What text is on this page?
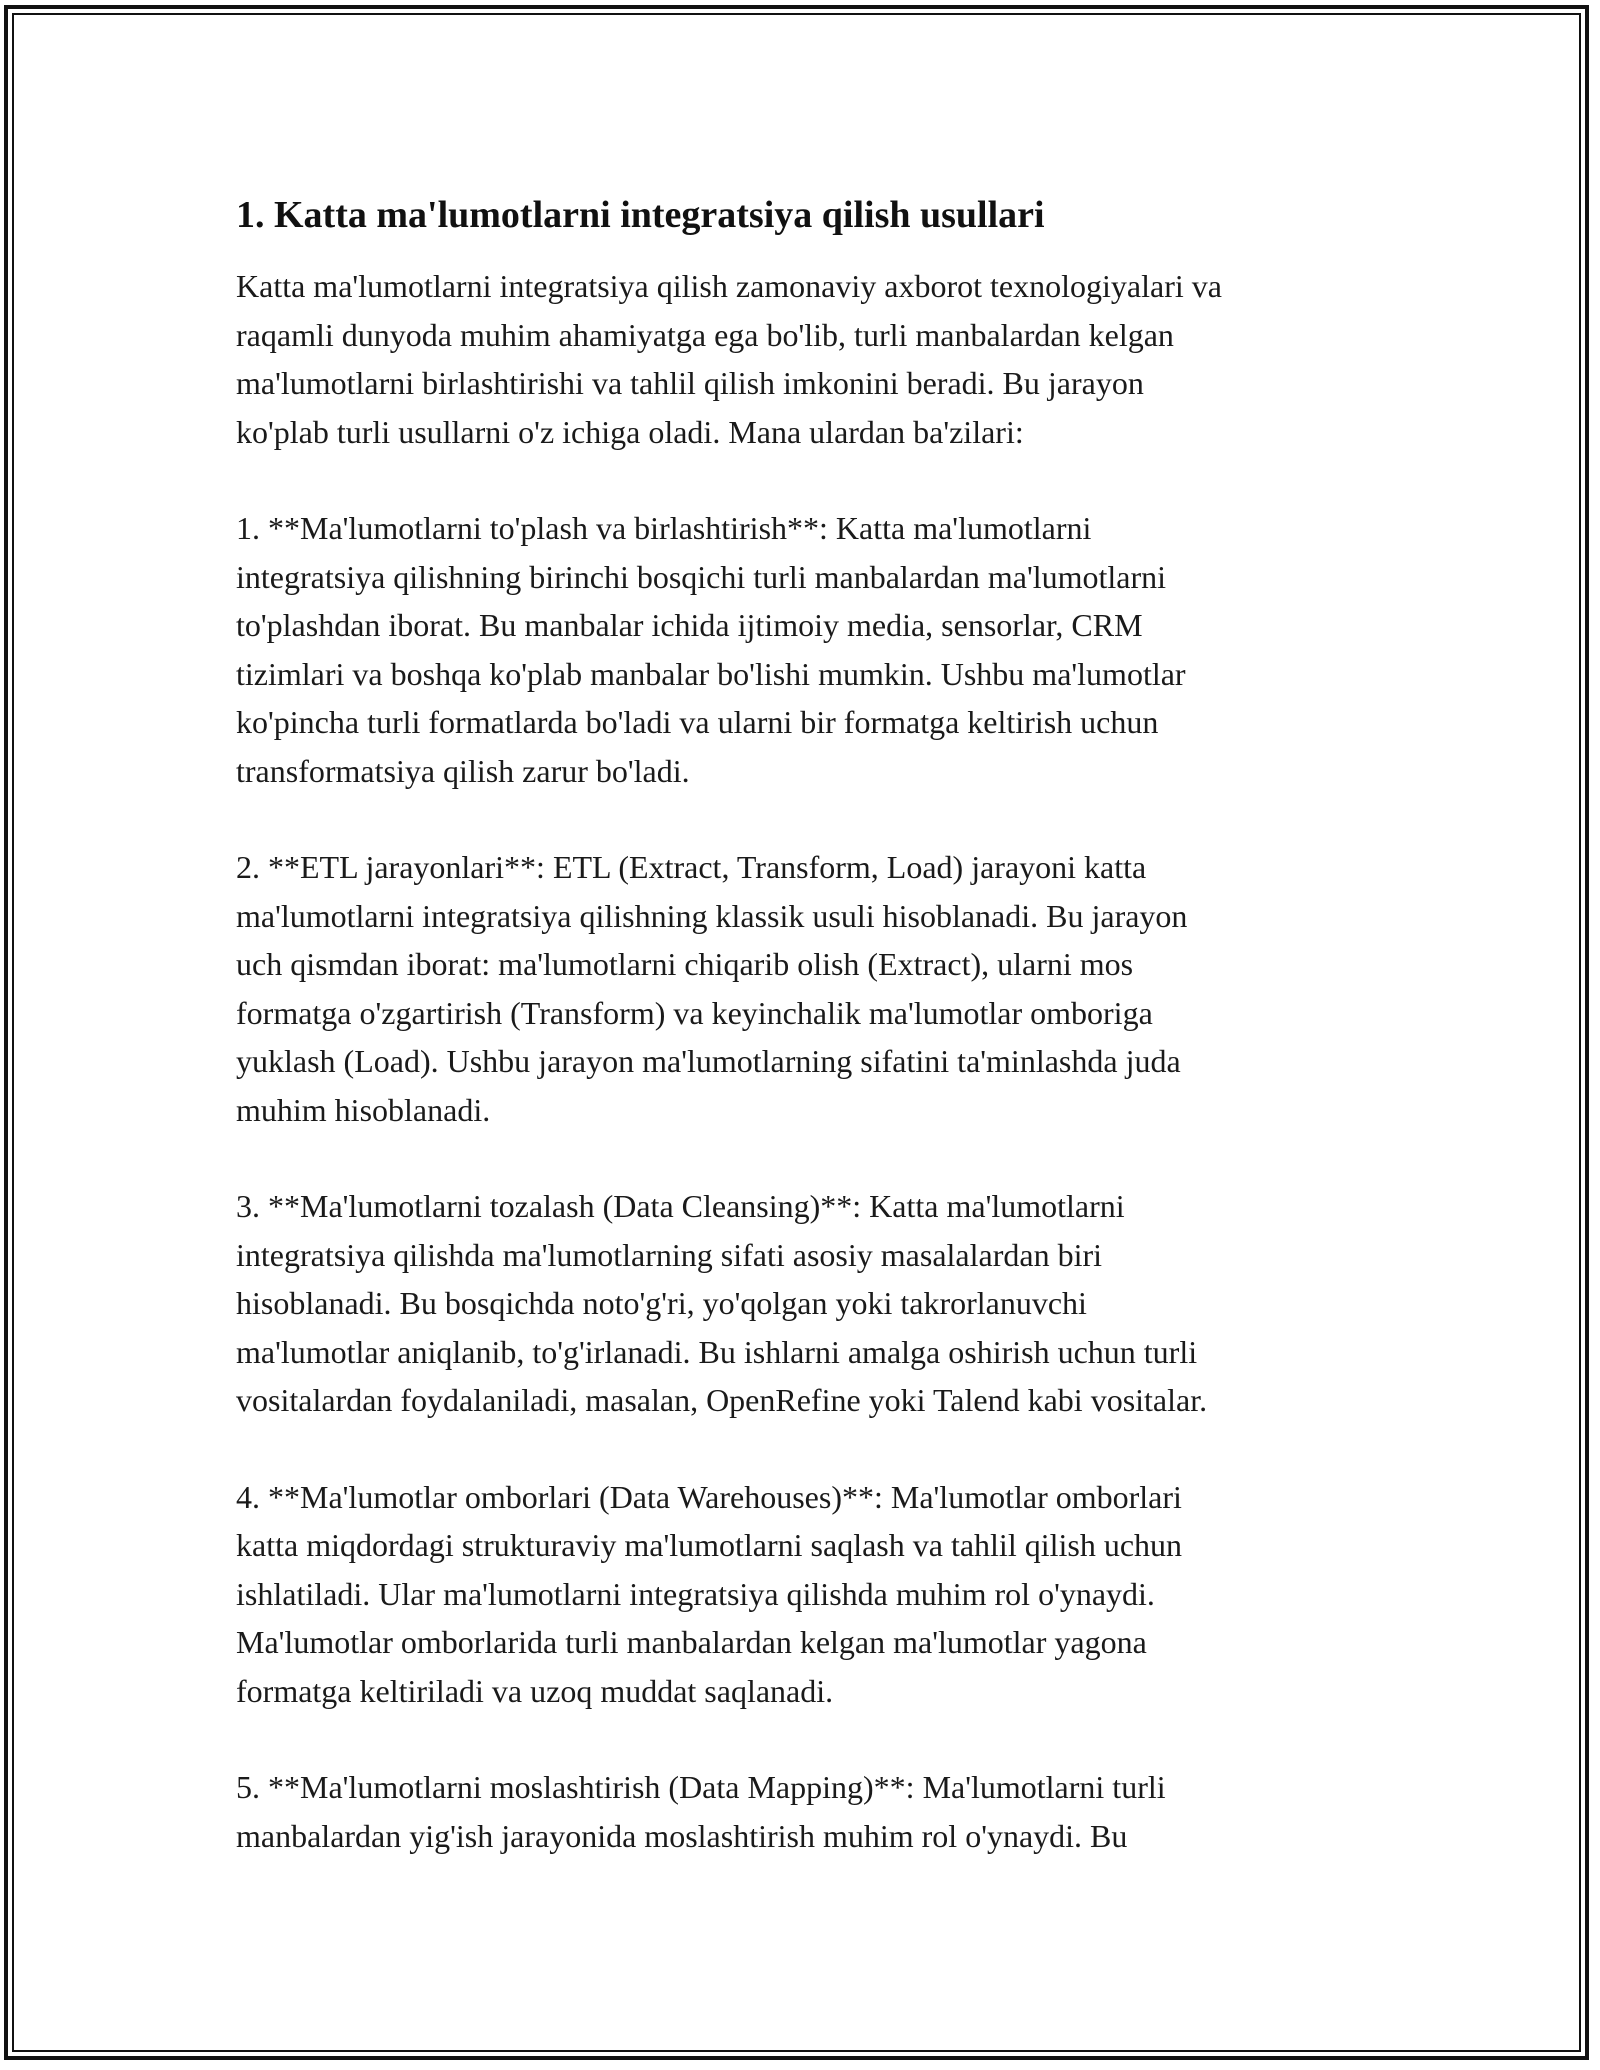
1. Katta ma'lumotlarni integratsiya qilish usullari

Katta ma'lumotlarni integratsiya qilish zamonaviy axborot texnologiyalari va
raqamli dunyoda muhim ahamiyatga ega bo'lib, turli manbalardan kelgan
ma'lumotlarni birlashtirishi va tahlil qilish imkonini beradi. Bu jarayon
ko'plab turli usullarni o'z ichiga oladi. Mana ulardan ba'zilari:

1. **Ma'lumotlarni to'plash va birlashtirish**: Katta ma'lumotlarni
integratsiya qilishning birinchi bosqichi turli manbalardan ma'lumotlarni
to'plashdan iborat. Bu manbalar ichida ijtimoiy media, sensorlar, CRM
tizimlari va boshqa ko'plab manbalar bo'lishi mumkin. Ushbu ma'lumotlar
ko'pincha turli formatlarda bo'ladi va ularni bir formatga keltirish uchun
transformatsiya qilish zarur bo'ladi.

2. **ETL jarayonlari**: ETL (Extract, Transform, Load) jarayoni katta
ma'lumotlarni integratsiya qilishning klassik usuli hisoblanadi. Bu jarayon
uch qismdan iborat: ma'lumotlarni chiqarib olish (Extract), ularni mos
formatga o'zgartirish (Transform) va keyinchalik ma'lumotlar omboriga
yuklash (Load). Ushbu jarayon ma'lumotlarning sifatini ta'minlashda juda
muhim hisoblanadi.

3. **Ma'lumotlarni tozalash (Data Cleansing)**: Katta ma'lumotlarni
integratsiya qilishda ma'lumotlarning sifati asosiy masalalardan biri
hisoblanadi. Bu bosqichda noto'g'ri, yo'qolgan yoki takrorlanuvchi
ma'lumotlar aniqlanib, to'g'irlanadi. Bu ishlarni amalga oshirish uchun turli
vositalardan foydalaniladi, masalan, OpenRefine yoki Talend kabi vositalar.

4. **Ma'lumotlar omborlari (Data Warehouses)**: Ma'lumotlar omborlari
katta miqdordagi strukturaviy ma'lumotlarni saqlash va tahlil qilish uchun
ishlatiladi. Ular ma'lumotlarni integratsiya qilishda muhim rol o'ynaydi.
Ma'lumotlar omborlarida turli manbalardan kelgan ma'lumotlar yagona
formatga keltiriladi va uzoq muddat saqlanadi.

5. **Ma'lumotlarni moslashtirish (Data Mapping)**: Ma'lumotlarni turli
manbalardan yig'ish jarayonida moslashtirish muhim rol o'ynaydi. Bu
